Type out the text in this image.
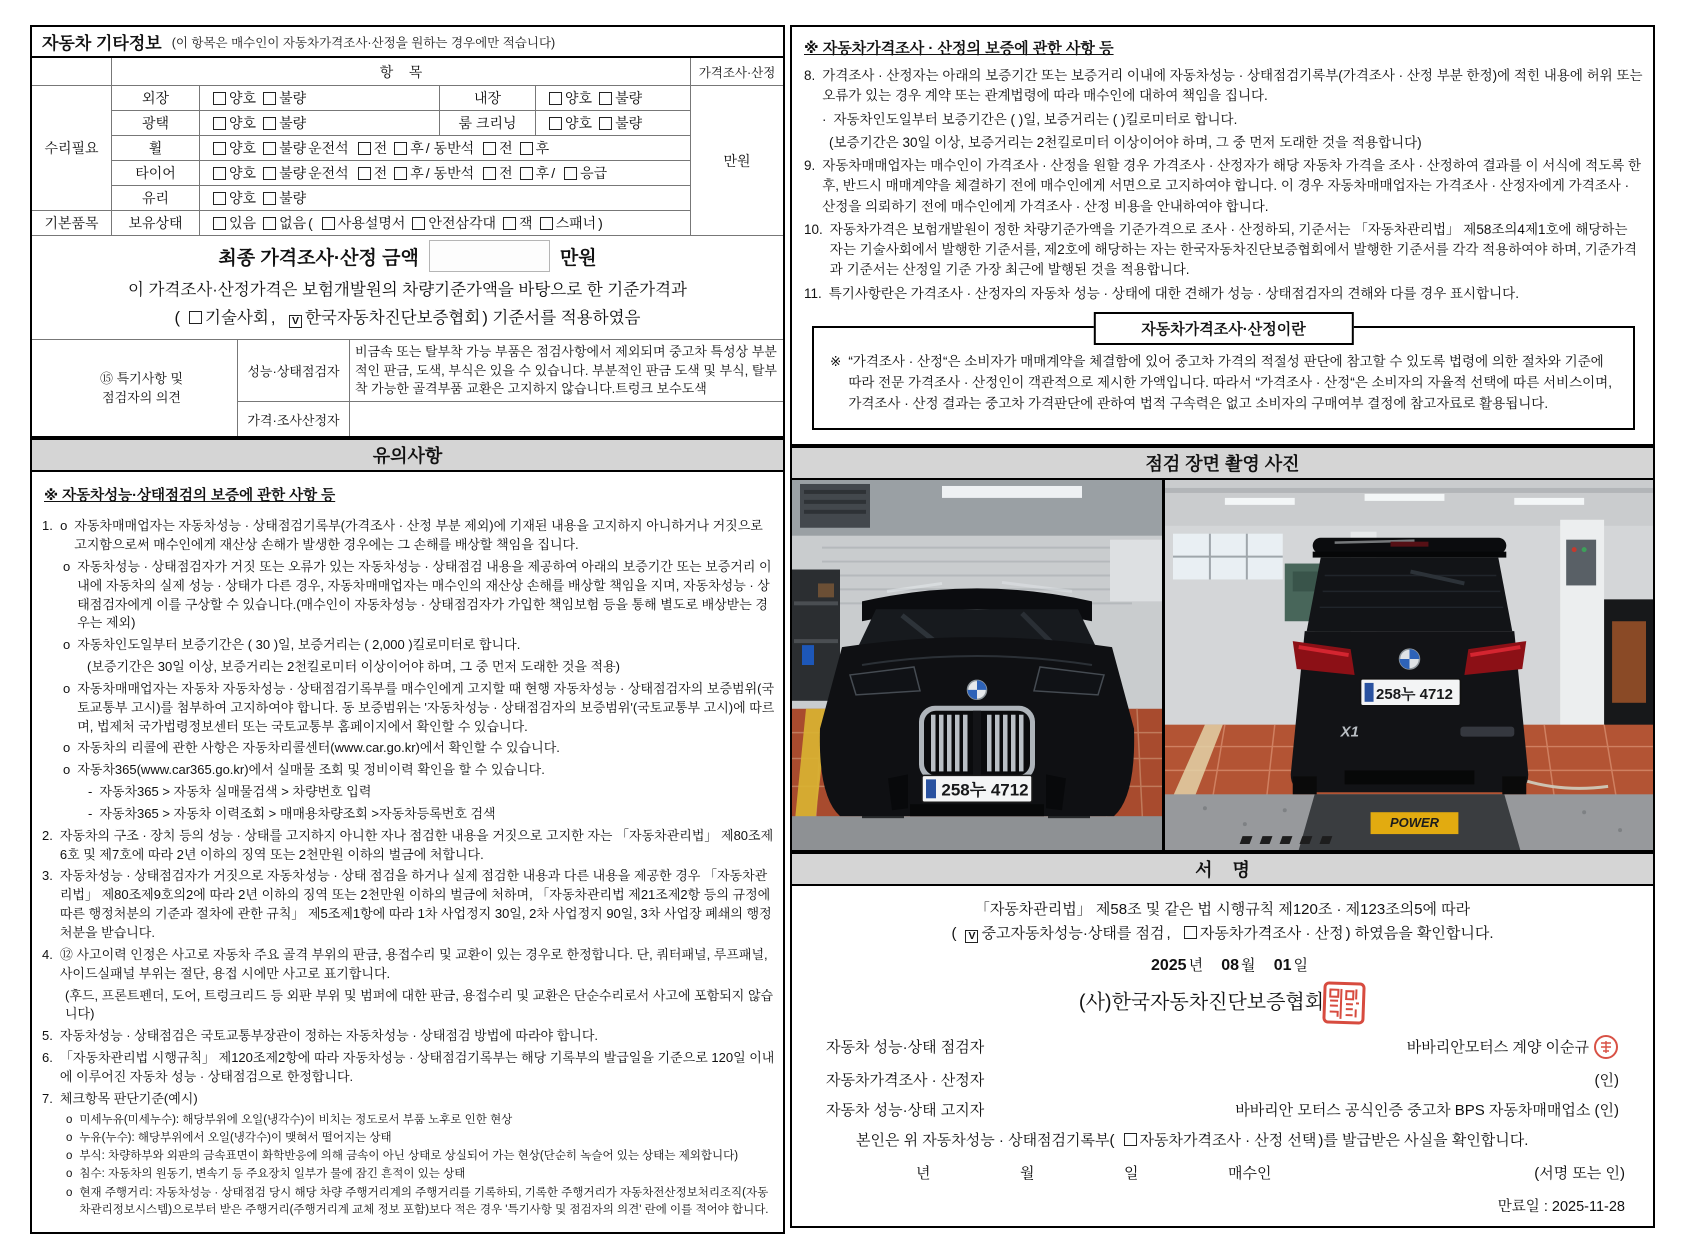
자동차 기타정보 (이 항목은 매수인이 자동차가격조사·산정을 원하는 경우에만 적습니다)
항    목	가격조사·산정
수리필요
외장	양호 불량	내장	양호 불량
광택	양호 불량	룸 크리닝	양호 불량
휠	양호 불량 운전석 전 후 / 동반석 전 후
타이어	양호 불량 운전석 전 후 / 동반석 전 후 / 응급
유리	양호 불량
기본품목	보유상태	있음 없음 ( 사용설명서 안전삼각대 잭 스패너 )
만원
최종 가격조사·산정 금액	만원
이 가격조사·산정가격은 보험개발원의 차량기준가액을 바탕으로 한 기준가격과
( 기술사회 , V 한국자동차진단보증협회 ) 기준서를 적용하였음
⑮ 특기사항 및
점검자의 의견
성능·상태점검자
비금속 또는 탈부착 가능 부품은 점검사항에서 제외되며 중고차 특성상 부분적인 판금, 도색, 부식은 있을 수 있습니다. 부분적인 판금 도색 및 부식, 탈부착 가능한 골격부품 교환은 고지하지 않습니다.트렁크 보수도색
가격·조사산정자
유의사항
※ 자동차성능·상태점검의 보증에 관한 사항 등
1.  o 자동차매매업자는 자동차성능 · 상태점검기록부(가격조사 · 산정 부분 제외)에 기재된 내용을 고지하지 아니하거나 거짓으로 고지함으로써 매수인에게 재산상 손해가 발생한 경우에는 그 손해를 배상할 책임을 집니다.
o 자동차성능 · 상태점검자가 거짓 또는 오류가 있는 자동차성능 · 상태점검 내용을 제공하여 아래의 보증기간 또는 보증거리 이내에 자동차의 실제 성능 · 상태가 다른 경우, 자동차매매업자는 매수인의 재산상 손해를 배상할 책임을 지며, 자동차성능 · 상태점검자에게 이를 구상할 수 있습니다.(매수인이 자동차성능 · 상태점검자가 가입한 책임보험 등을 통해 별도로 배상받는 경우는 제외)
o 자동차인도일부터 보증기간은 ( 30 )일, 보증거리는 ( 2,000 )킬로미터로 합니다.
(보증기간은 30일 이상, 보증거리는 2천킬로미터 이상이어야 하며, 그 중 먼저 도래한 것을 적용)
o 자동차매매업자는 자동차 자동차성능 · 상태점검기록부를 매수인에게 고지할 때 현행 자동차성능 · 상태점검자의 보증범위(국토교통부 고시)를 첨부하여 고지하여야 합니다. 동 보증범위는 '자동차성능 · 상태점검자의 보증범위'(국토교통부 고시)에 따르며, 법제처 국가법령정보센터 또는 국토교통부 홈페이지에서 확인할 수 있습니다.
o 자동차의 리콜에 관한 사항은 자동차리콜센터(www.car.go.kr)에서 확인할 수 있습니다.
o 자동차365(www.car365.go.kr)에서 실매물 조회 및 정비이력 확인을 할 수 있습니다.
- 자동차365 > 자동차 실매물검색 > 차량번호 입력
- 자동차365 > 자동차 이력조회 > 매매용차량조회 >자동차등록번호 검색
2. 자동차의 구조 · 장치 등의 성능 · 상태를 고지하지 아니한 자나 점검한 내용을 거짓으로 고지한 자는 「자동차관리법」 제80조제6호 및 제7호에 따라 2년 이하의 징역 또는 2천만원 이하의 벌금에 처합니다.
3. 자동차성능 · 상태점검자가 거짓으로 자동차성능 · 상태 점검을 하거나 실제 점검한 내용과 다른 내용을 제공한 경우 「자동차관리법」 제80조제9호의2에 따라 2년 이하의 징역 또는 2천만원 이하의 벌금에 처하며, 「자동차관리법 제21조제2항 등의 규정에 따른 행정처분의 기준과 절차에 관한 규칙」 제5조제1항에 따라 1차 사업정지 30일, 2차 사업정지 90일, 3차 사업장 폐쇄의 행정처분을 받습니다.
4. ⑫ 사고이력 인정은 사고로 자동차 주요 골격 부위의 판금, 용접수리 및 교환이 있는 경우로 한정합니다. 단, 쿼터패널, 루프패널, 사이드실패널 부위는 절단, 용접 시에만 사고로 표기합니다.
(후드, 프론트펜더, 도어, 트렁크리드 등 외판 부위 및 범퍼에 대한 판금, 용접수리 및 교환은 단순수리로서 사고에 포함되지 않습니다)
5. 자동차성능 · 상태점검은 국토교통부장관이 정하는 자동차성능 · 상태점검 방법에 따라야 합니다.
6. 「자동차관리법 시행규칙」 제120조제2항에 따라 자동차성능 · 상태점검기록부는 해당 기록부의 발급일을 기준으로 120일 이내에 이루어진 자동차 성능 · 상태점검으로 한정합니다.
7. 체크항목 판단기준(예시)
o 미세누유(미세누수): 해당부위에 오일(냉각수)이 비치는 정도로서 부품 노후로 인한 현상
o 누유(누수): 해당부위에서 오일(냉각수)이 맺혀서 떨어지는 상태
o 부식: 차량하부와 외판의 금속표면이 화학반응에 의해 금속이 아닌 상태로 상실되어 가는 현상(단순히 녹슬어 있는 상태는 제외합니다)
o 침수: 자동차의 원동기, 변속기 등 주요장치 일부가 물에 잠긴 흔적이 있는 상태
o 현재 주행거리: 자동차성능 · 상태점검 당시 해당 차량 주행거리계의 주행거리를 기록하되, 기록한 주행거리가 자동차전산정보처리조직(자동차관리정보시스템)으로부터 받은 주행거리(주행거리계 교체 정보 포함)보다 적은 경우 '특기사항 및 점검자의 의견' 란에 이를 적어야 합니다.
※ 자동차가격조사 · 산정의 보증에 관한 사항 등
8. 가격조사 · 산정자는 아래의 보증기간 또는 보증거리 이내에 자동차성능 · 상태점검기록부(가격조사 · 산정 부분 한정)에 적힌 내용에 허위 또는 오류가 있는 경우 계약 또는 관계법령에 따라 매수인에 대하여 책임을 집니다.
· 자동차인도일부터 보증기간은 ( )일, 보증거리는 ( )킬로미터로 합니다.
(보증기간은 30일 이상, 보증거리는 2천킬로미터 이상이어야 하며, 그 중 먼저 도래한 것을 적용합니다)
9. 자동차매매업자는 매수인이 가격조사 · 산정을 원할 경우 가격조사 · 산정자가 해당 자동차 가격을 조사 · 산정하여 결과를 이 서식에 적도록 한 후, 반드시 매매계약을 체결하기 전에 매수인에게 서면으로 고지하여야 합니다. 이 경우 자동차매매업자는 가격조사 · 산정자에게 가격조사 · 산정을 의뢰하기 전에 매수인에게 가격조사 · 산정 비용을 안내하여야 합니다.
10. 자동차가격은 보험개발원이 정한 차량기준가액을 기준가격으로 조사 · 산정하되, 기준서는 「자동차관리법」 제58조의4제1호에 해당하는 자는 기술사회에서 발행한 기준서를, 제2호에 해당하는 자는 한국자동차진단보증협회에서 발행한 기준서를 각각 적용하여야 하며, 기준가격과 기준서는 산정일 기준 가장 최근에 발행된 것을 적용합니다.
11. 특기사항란은 가격조사 · 산정자의 자동차 성능 · 상태에 대한 견해가 성능 · 상태점검자의 견해와 다를 경우 표시합니다.
자동차가격조사·산정이란
※ “가격조사 · 산정“은 소비자가 매매계약을 체결함에 있어 중고차 가격의 적절성 판단에 참고할 수 있도록 법령에 의한 절차와 기준에 따라 전문 가격조사 · 산정인이 객관적으로 제시한 가액입니다. 따라서 “가격조사 · 산정“은 소비자의 자율적 선택에 따른 서비스이며, 가격조사 · 산정 결과는 중고차 가격판단에 관하여 법적 구속력은 없고 소비자의 구매여부 결정에 참고자료로 활용됩니다.
점검 장면 촬영 사진
258누 4712
POWER
258누 4712
X1
서    명
「자동차관리법」 제58조 및 같은 법 시행규칙 제120조 · 제123조의5에 따라
( V 중고자동차성능·상태를 점검 , 자동차가격조사 · 산정 ) 하였음을 확인합니다.
2025 년 08 월 01 일
(사)한국자동차진단보증협회
자동차 성능·상태 점검자	바바리안모터스 계양 이순규
자동차가격조사 · 산정자	(인)
자동차 성능·상태 고지자	바바리안 모터스 공식인증 중고차 BPS 자동차매매업소 (인)
본인은 위 자동차성능 · 상태점검기록부( 자동차가격조사 · 산정 선택 )를 발급받은 사실을 확인합니다.
년	월	일	매수인	(서명 또는 인)
만료일 : 2025-11-28
